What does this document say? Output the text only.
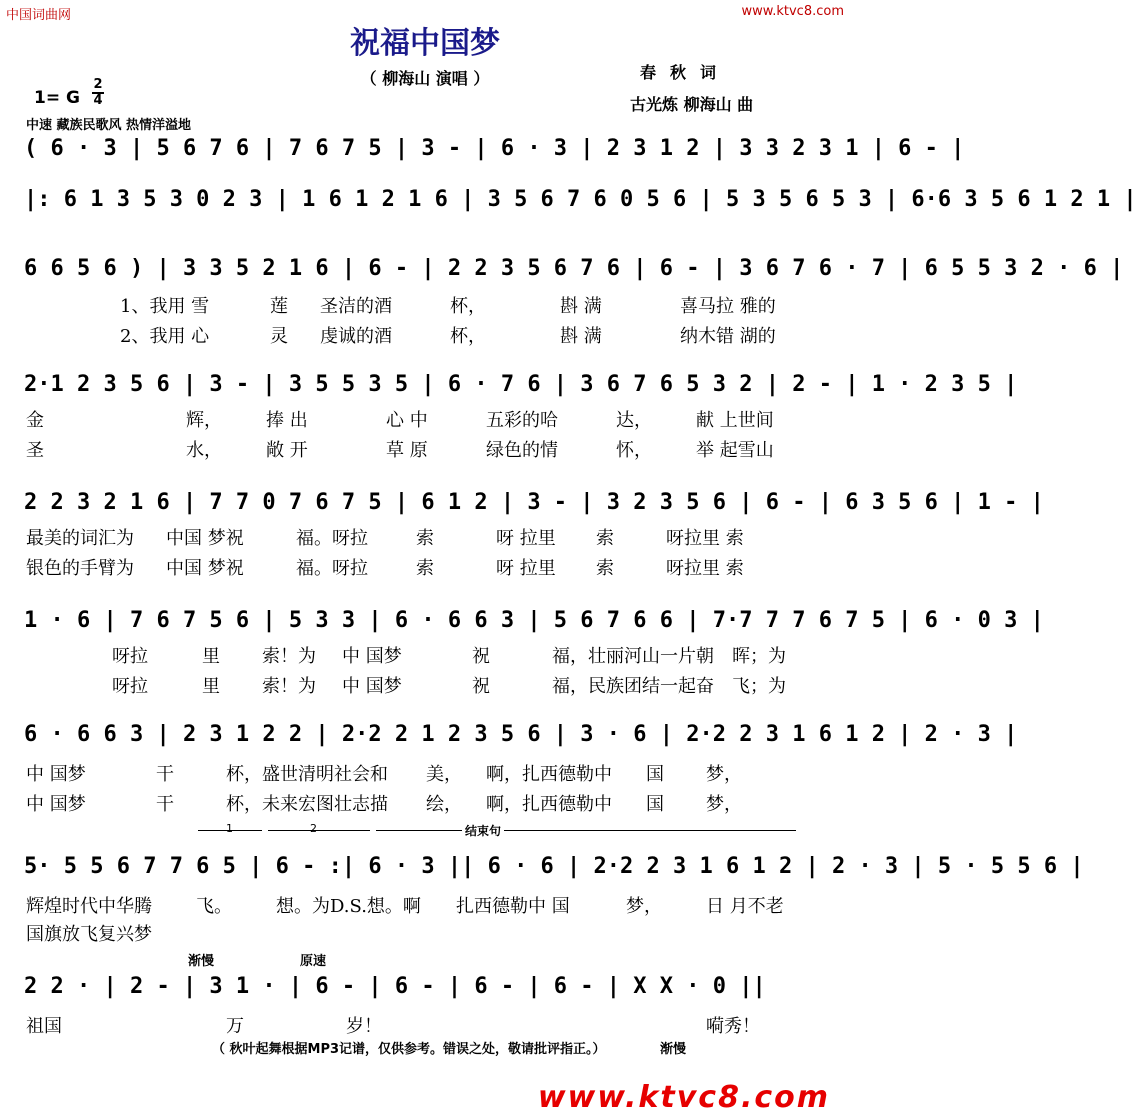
中国词曲网	www.ktvc8.com
祝福中国梦
（ 柳海山 演唱 ）	春秋词
古光炼 柳海山 曲
1= G
2
4
中速 藏族民歌风 热情洋溢地
( 6 · 3 | 5 6 7 6 | 7 6 7 5 | 3 - | 6 · 3 | 2 3 1 2 | 3 3 2 3 1 | 6 - |
|: 6 1 3 5 3 0 2 3 | 1 6 1 2 1 6 | 3 5 6 7 6 0 5 6 | 5 3 5 6 5 3 | 6·6 3 5 6 1 2 1 |
6 6 5 6 ) | 3 3 5 2 1 6 | 6 - | 2 2 3 5 6 7 6 | 6 - | 3 6 7 6 · 7 | 6 5 5 3 2 · 6 |
1、我用 雪	莲	圣洁的酒	杯，	斟 满	喜马拉 雅的
2、我用 心	灵	虔诚的酒	杯，	斟 满	纳木错 湖的
2·1 2 3 5 6 | 3 - | 3 5 5 3 5 | 6 · 7 6 | 3 6 7 6 5 3 2 | 2 - | 1 · 2 3 5 |
金	辉，	捧 出	心 中	五彩的哈	达，	献 上世间
圣	水，	敞 开	草 原	绿色的情	怀，	举 起雪山
2 2 3 2 1 6 | 7 7 0 7 6 7 5 | 6 1 2 | 3 - | 3 2 3 5 6 | 6 - | 6 3 5 6 | 1 - |
最美的词汇为	中国 梦祝	福。呀拉	索	呀 拉里	索	呀拉里 索
银色的手臂为	中国 梦祝	福。呀拉	索	呀 拉里	索	呀拉里 索
1 · 6 | 7 6 7 5 6 | 5 3 3 | 6 · 6 6 3 | 5 6 7 6 6 | 7·7 7 7 6 7 5 | 6 · 0 3 |
呀拉	里	索！为	中 国梦	祝	福，壮丽河山一片朝	晖；为
呀拉	里	索！为	中 国梦	祝	福，民族团结一起奋	飞；为
6 · 6 6 3 | 2 3 1 2 2 | 2·2 2 1 2 3 5 6 | 3 · 6 | 2·2 2 3 1 6 1 2 | 2 · 3 |
中 国梦	干	杯，盛世清明社会和	美，	啊，扎西德勒中	国	梦，
中 国梦	干	杯，未来宏图壮志描	绘，	啊，扎西德勒中	国	梦，
1	2	结束句
5· 5 5 6 7 7 6 5 | 6 - :| 6 · 3 || 6 · 6 | 2·2 2 3 1 6 1 2 | 2 · 3 | 5 · 5 5 6 |
辉煌时代中华腾	飞。	想。为D.S.想。啊	扎西德勒中 国	梦，	日 月不老
国旗放飞复兴梦
渐慢	原速
2 2 · | 2 - | 3 1 · | 6 - | 6 - | 6 - | 6 - | X X · 0 ||
祖国	万	岁！	嗬秀！
（ 秋叶起舞根据MP3记谱，仅供参考。错误之处，敬请批评指正。）	渐慢
www.ktvc8.com
